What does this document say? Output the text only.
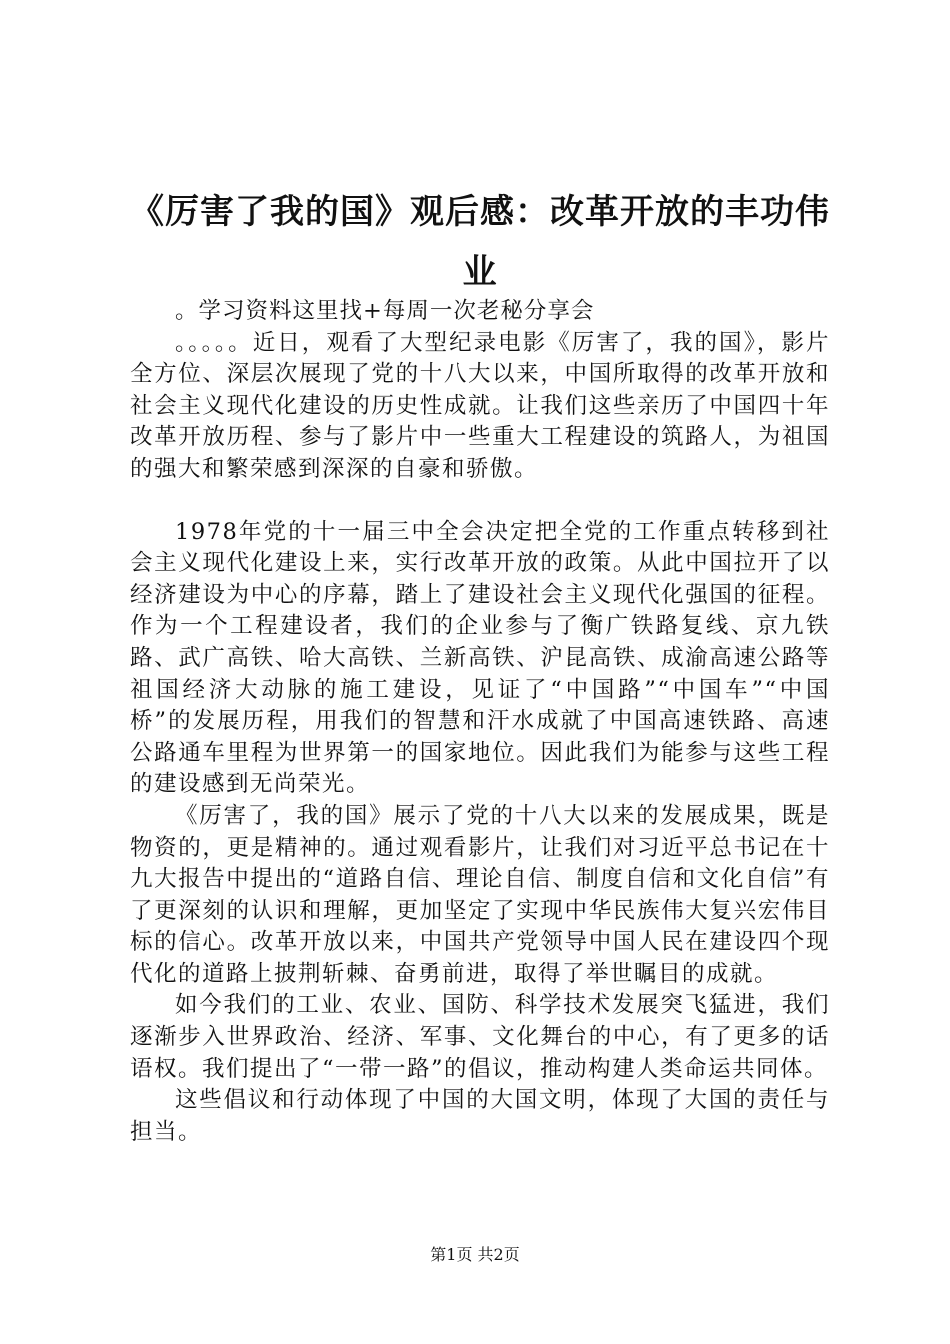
《厉害了我的国》观后感：改革开放的丰功伟业

。学习资料这里找+每周一次老秘分享会

。。。。。近日，观看了大型纪录电影《厉害了，我的国》，影片全方位、深层次展现了党的十八大以来，中国所取得的改革开放和社会主义现代化建设的历史性成就。让我们这些亲历了中国四十年改革开放历程、参与了影片中一些重大工程建设的筑路人，为祖国的强大和繁荣感到深深的自豪和骄傲。

1978年党的十一届三中全会决定把全党的工作重点转移到社会主义现代化建设上来，实行改革开放的政策。从此中国拉开了以经济建设为中心的序幕，踏上了建设社会主义现代化强国的征程。作为一个工程建设者，我们的企业参与了衡广铁路复线、京九铁路、武广高铁、哈大高铁、兰新高铁、沪昆高铁、成渝高速公路等祖国经济大动脉的施工建设，见证了“中国路”“中国车”“中国桥”的发展历程，用我们的智慧和汗水成就了中国高速铁路、高速公路通车里程为世界第一的国家地位。因此我们为能参与这些工程的建设感到无尚荣光。

《厉害了，我的国》展示了党的十八大以来的发展成果，既是物资的，更是精神的。通过观看影片，让我们对习近平总书记在十九大报告中提出的“道路自信、理论自信、制度自信和文化自信”有了更深刻的认识和理解，更加坚定了实现中华民族伟大复兴宏伟目标的信心。改革开放以来，中国共产党领导中国人民在建设四个现代化的道路上披荆斩棘、奋勇前进，取得了举世瞩目的成就。

如今我们的工业、农业、国防、科学技术发展突飞猛进，我们逐渐步入世界政治、经济、军事、文化舞台的中心，有了更多的话语权。我们提出了“一带一路”的倡议，推动构建人类命运共同体。

这些倡议和行动体现了中国的大国文明，体现了大国的责任与担当。

第1页 共2页
